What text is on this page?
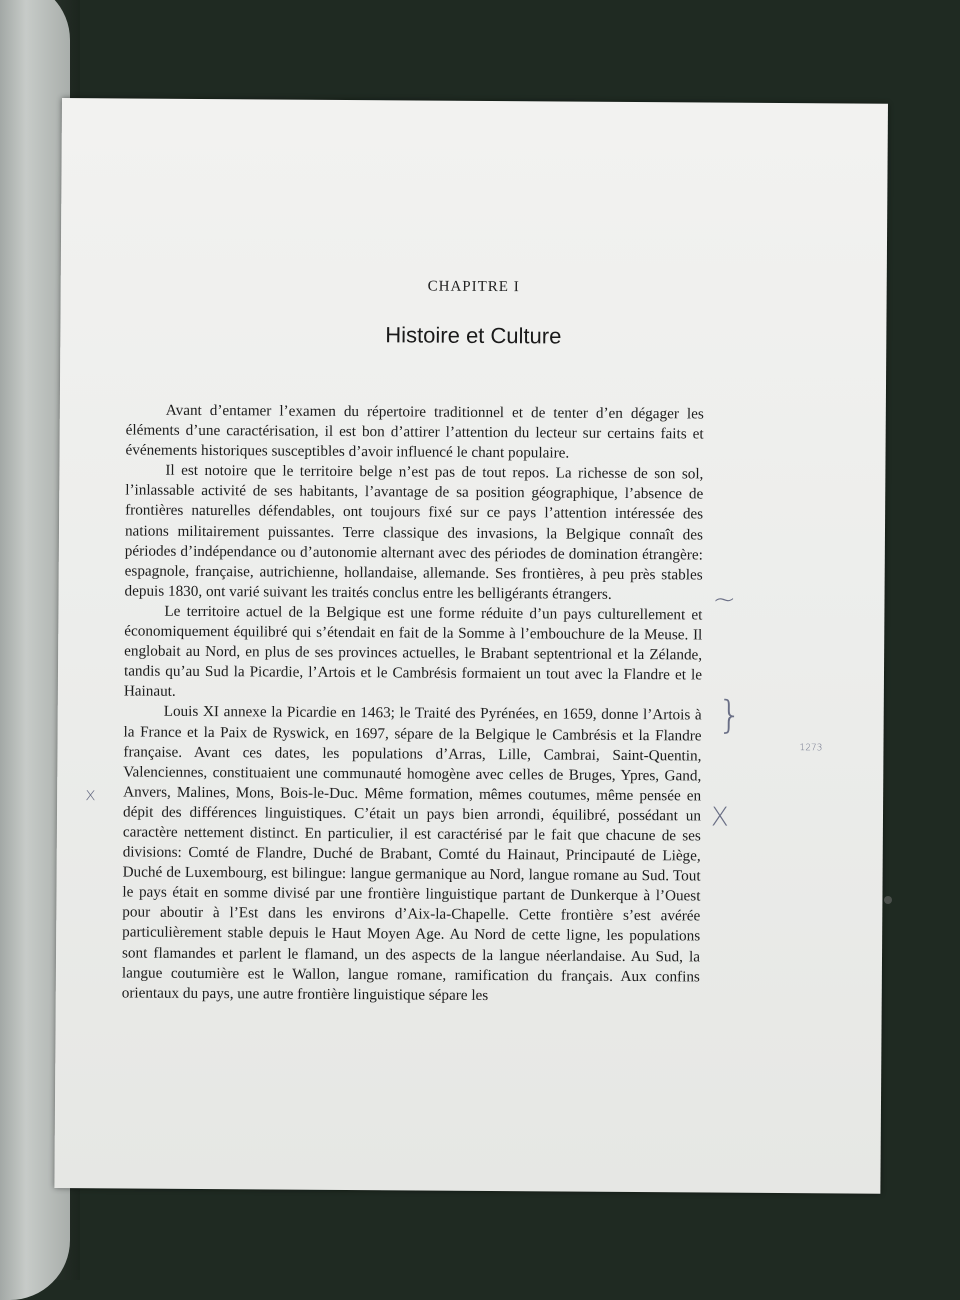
CHAPITRE I
Histoire et Culture

Avant d’entamer l’examen du répertoire traditionnel et de tenter d’en dégager les éléments d’une caractérisation, il est bon d’attirer l’attention du lecteur sur certains faits et événements historiques susceptibles d’avoir influencé le chant populaire.

Il est notoire que le territoire belge n’est pas de tout repos. La richesse de son sol, l’inlassable activité de ses habitants, l’avantage de sa position géographique, l’absence de frontières naturelles défendables, ont toujours fixé sur ce pays l’attention intéressée des nations militairement puissantes. Terre classique des invasions, la Belgique connaît des périodes d’indépendance ou d’autonomie alternant avec des périodes de domination étrangère: espagnole, française, autrichienne, hollandaise, allemande. Ses frontières, à peu près stables depuis 1830, ont varié suivant les traités conclus entre les belligérants étrangers.

Le territoire actuel de la Belgique est une forme réduite d’un pays culturellement et économiquement équilibré qui s’étendait en fait de la Somme à l’embouchure de la Meuse. Il englobait au Nord, en plus de ses provinces actuelles, le Brabant septentrional et la Zélande, tandis qu’au Sud la Picardie, l’Artois et le Cambrésis formaient un tout avec la Flandre et le Hainaut.

Louis XI annexe la Picardie en 1463; le Traité des Pyrénées, en 1659, donne l’Artois à la France et la Paix de Ryswick, en 1697, sépare de la Belgique le Cambrésis et la Flandre française. Avant ces dates, les populations d’Arras, Lille, Cambrai, Saint-Quentin, Valenciennes, constituaient une communauté homogène avec celles de Bruges, Ypres, Gand, Anvers, Malines, Mons, Bois-le-Duc. Même formation, mêmes coutumes, même pensée en dépit des différences linguistiques. C’était un pays bien arrondi, équilibré, possédant un caractère nettement distinct. En particulier, il est caractérisé par le fait que chacune de ses divisions: Comté de Flandre, Duché de Brabant, Comté du Hainaut, Principauté de Liège, Duché de Luxembourg, est bilingue: langue germanique au Nord, langue romane au Sud. Tout le pays était en somme divisé par une frontière linguistique partant de Dunkerque à l’Ouest pour aboutir à l’Est dans les environs d’Aix-la-Chapelle. Cette frontière s’est avérée particulièrement stable depuis le Haut Moyen Age. Au Nord de cette ligne, les populations sont flamandes et parlent le flamand, un des aspects de la langue néerlandaise. Au Sud, la langue coutumière est le Wallon, langue romane, ramification du français. Aux confins orientaux du pays, une autre frontière linguistique sépare les

~
}
1273
x
X
